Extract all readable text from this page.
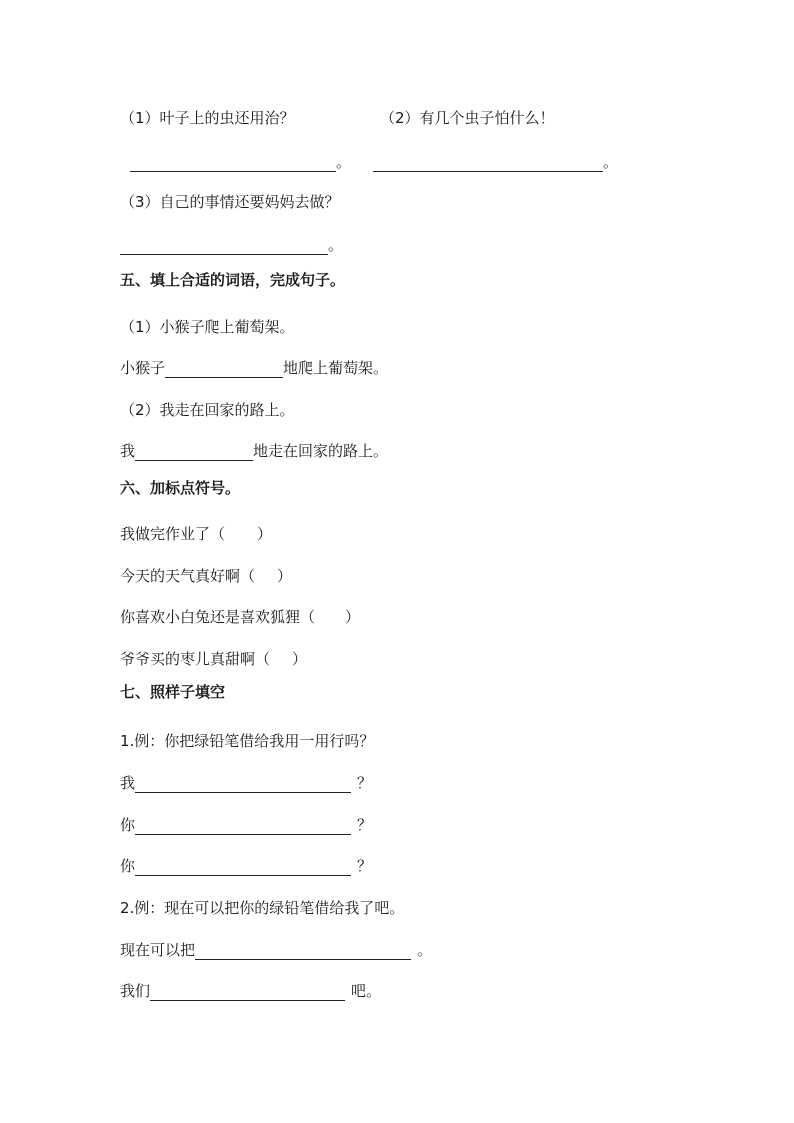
（1）叶子上的虫还用治？	（2）有几个虫子怕什么！
。	。
（3）自己的事情还要妈妈去做？
。
五、填上合适的词语，完成句子。
（1）小猴子爬上葡萄架。
小猴子	地爬上葡萄架。
（2）我走在回家的路上。
我	地走在回家的路上。
六、加标点符号。
我做完作业了（ ）
今天的天气真好啊（ ）
你喜欢小白兔还是喜欢狐狸（ ）
爷爷买的枣儿真甜啊（ ）
七、照样子填空
1.例：你把绿铅笔借给我用一用行吗？
我	？
你	？
你	？
2.例：现在可以把你的绿铅笔借给我了吧。
现在可以把	。
我们	吧。
